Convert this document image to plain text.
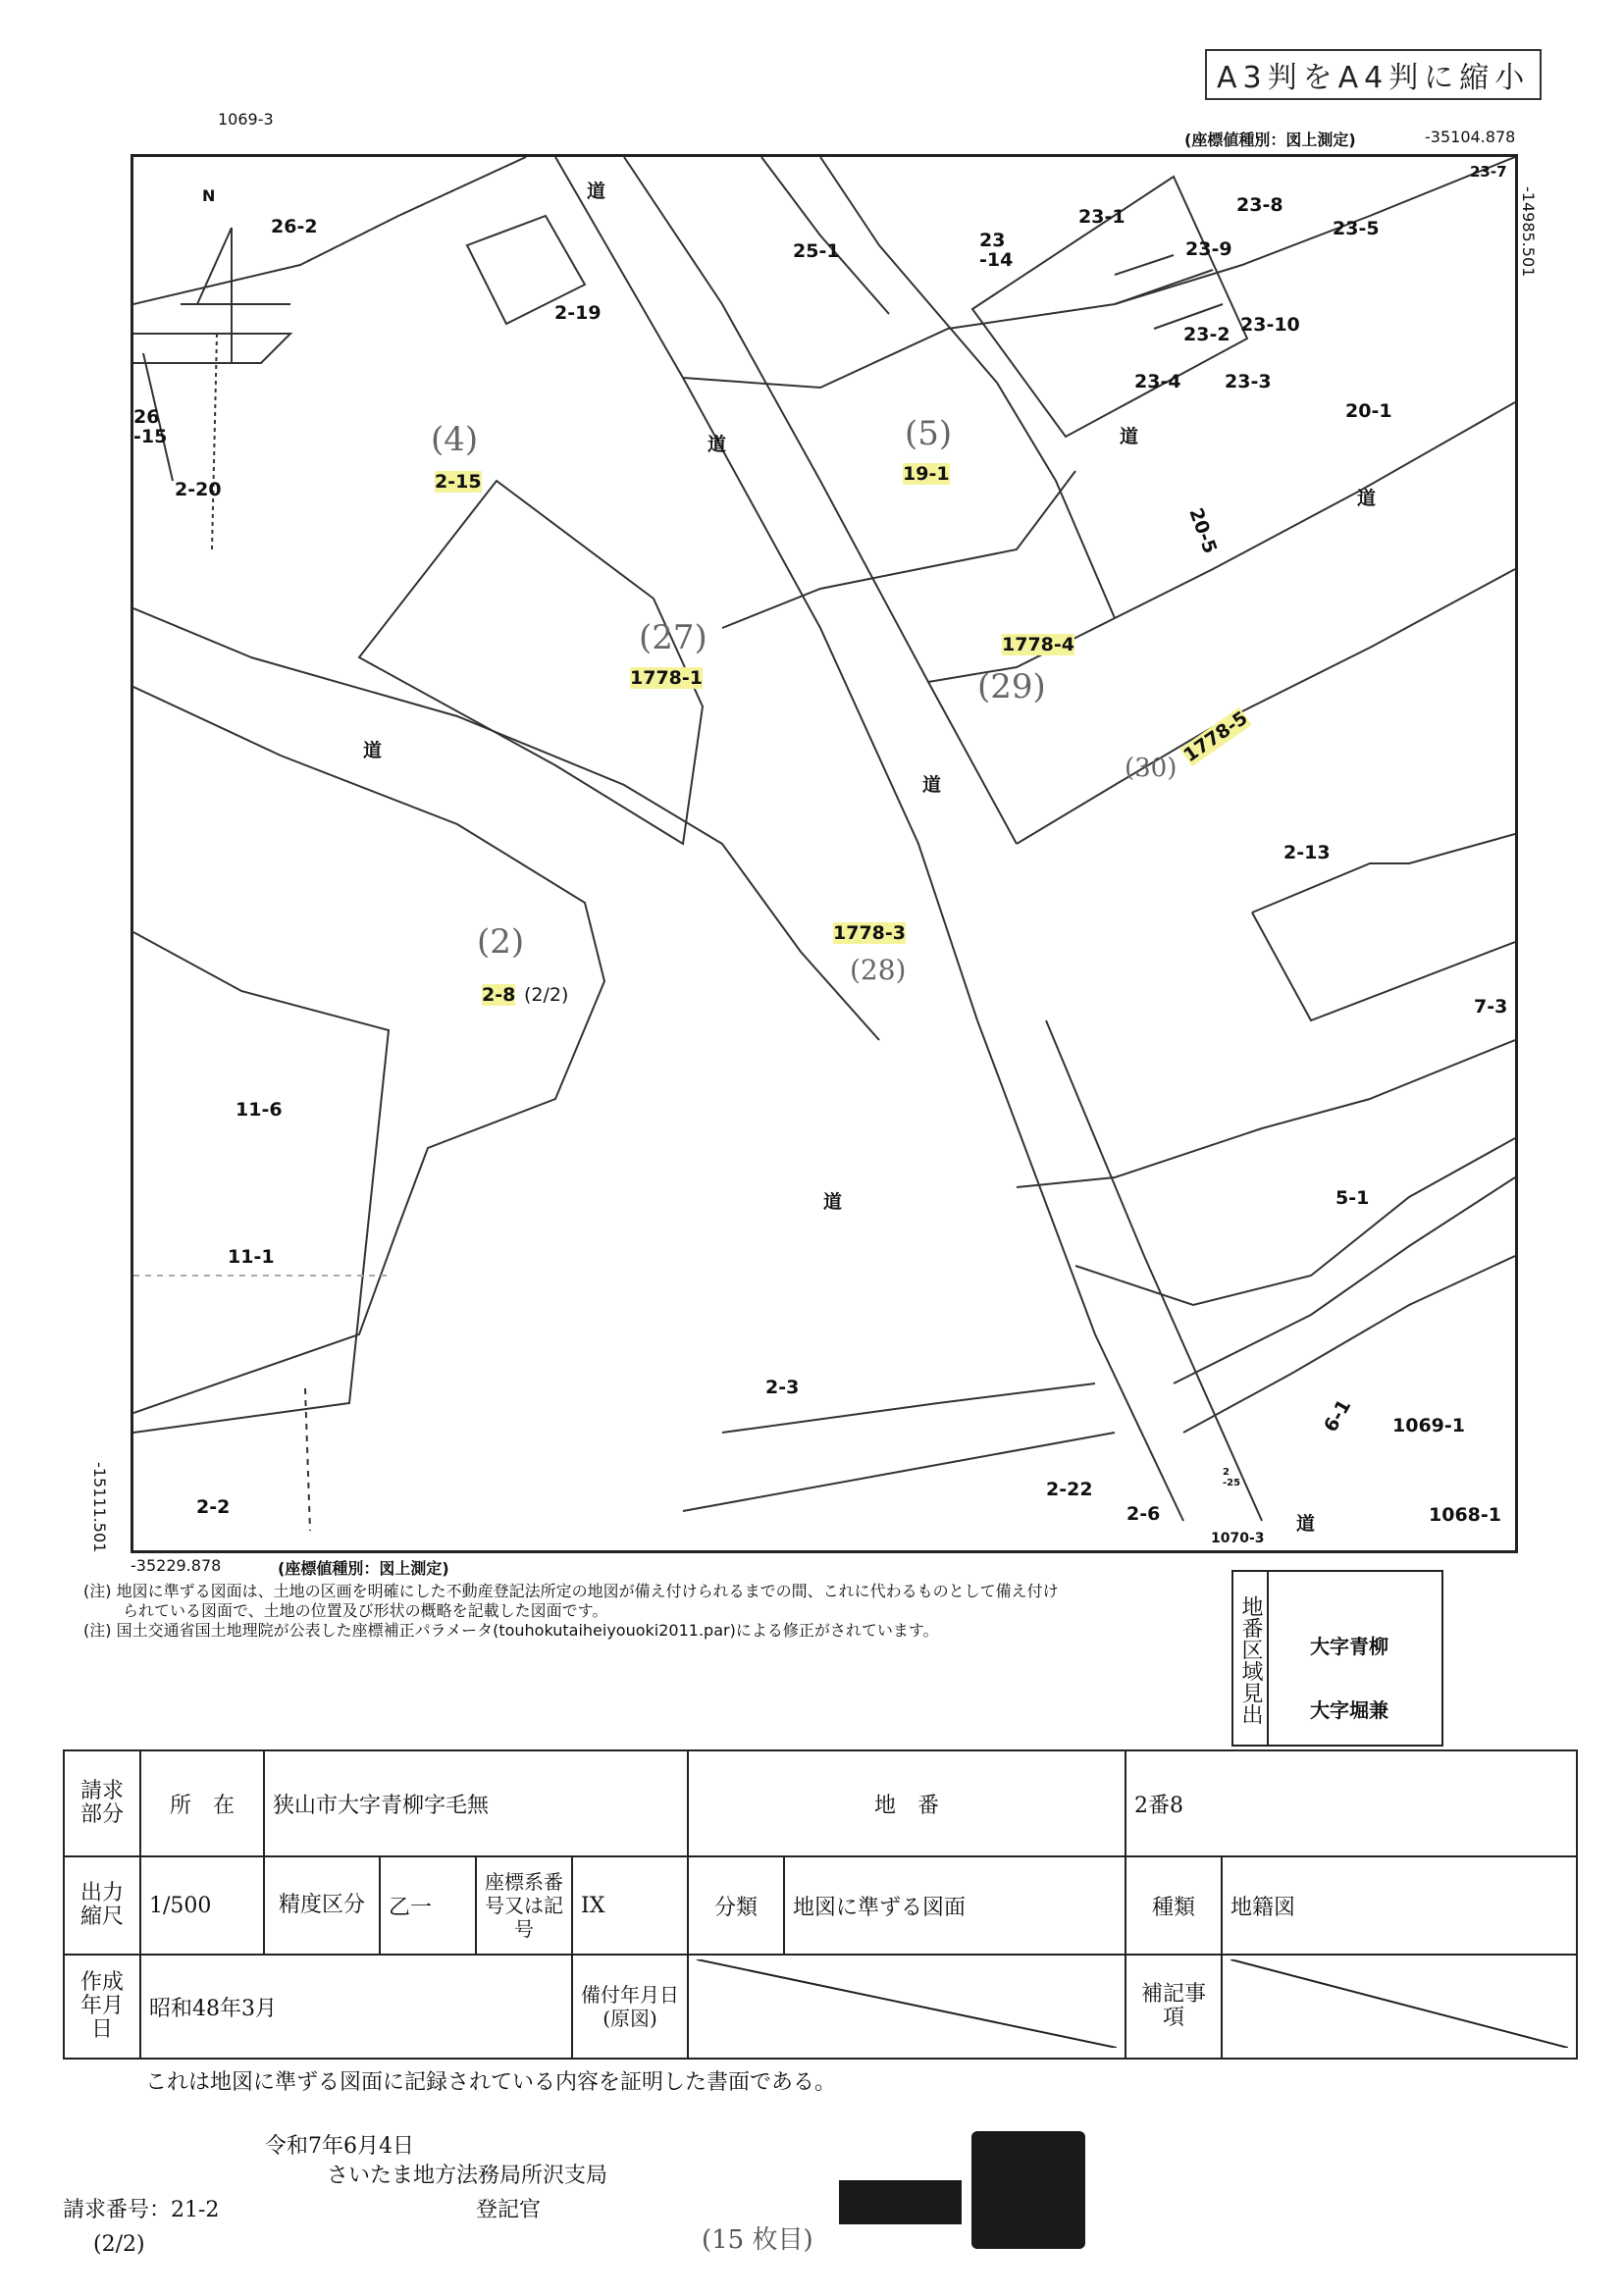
A3判をA4判に縮小
1069-3
(座標値種別：図上測定)	-35104.878
-14985.501
-15111.501
N
26-2
25-1	23
-14
23-1
23-8
23-5
23-7
23-9
23-2 23-10
23-4 23-3
20-1
2-19
26
-15
2-20	2-15	19-1
20-5
1778-1
1778-4
1778-5
2-13
1778-3
2-8 (2/2)
11-6
7-3
5-1
11-1
2-3
6-1 1069-1
2-22
2-6
2
-25
1068-1
1070-3
2-2
道
道	道
道
道
道
道
道
(4)	(5)
(27)
(29)
(30)
(2)
(28)
-35229.878	(座標値種別：図上測定)
(注) 地図に準ずる図面は、土地の区画を明確にした不動産登記法所定の地図が備え付けられるまでの間、これに代わるものとして備え付け
られている図面で、土地の位置及び形状の概略を記載した図面です。
(注) 国土交通省国土地理院が公表した座標補正パラメータ(touhokutaiheiyouoki2011.par)による修正がされています。	地番区域見出	大字青柳
大字堀兼
請求部分	所　在	狭山市大字青柳字毛無				地　番		2番8	
出力縮尺	1/500	精度区分	乙一	座標系番号又は記号	IX	分類	地図に準ずる図面	種類	地籍図
作成年月日	昭和48年3月				備付年月日(原図)			補記事項	
これは地図に準ずる図面に記録されている内容を証明した書面である。
令和7年6月4日
さいたま地方法務局所沢支局
登記官
請求番号：21-2
(2/2)	(15 枚目)
